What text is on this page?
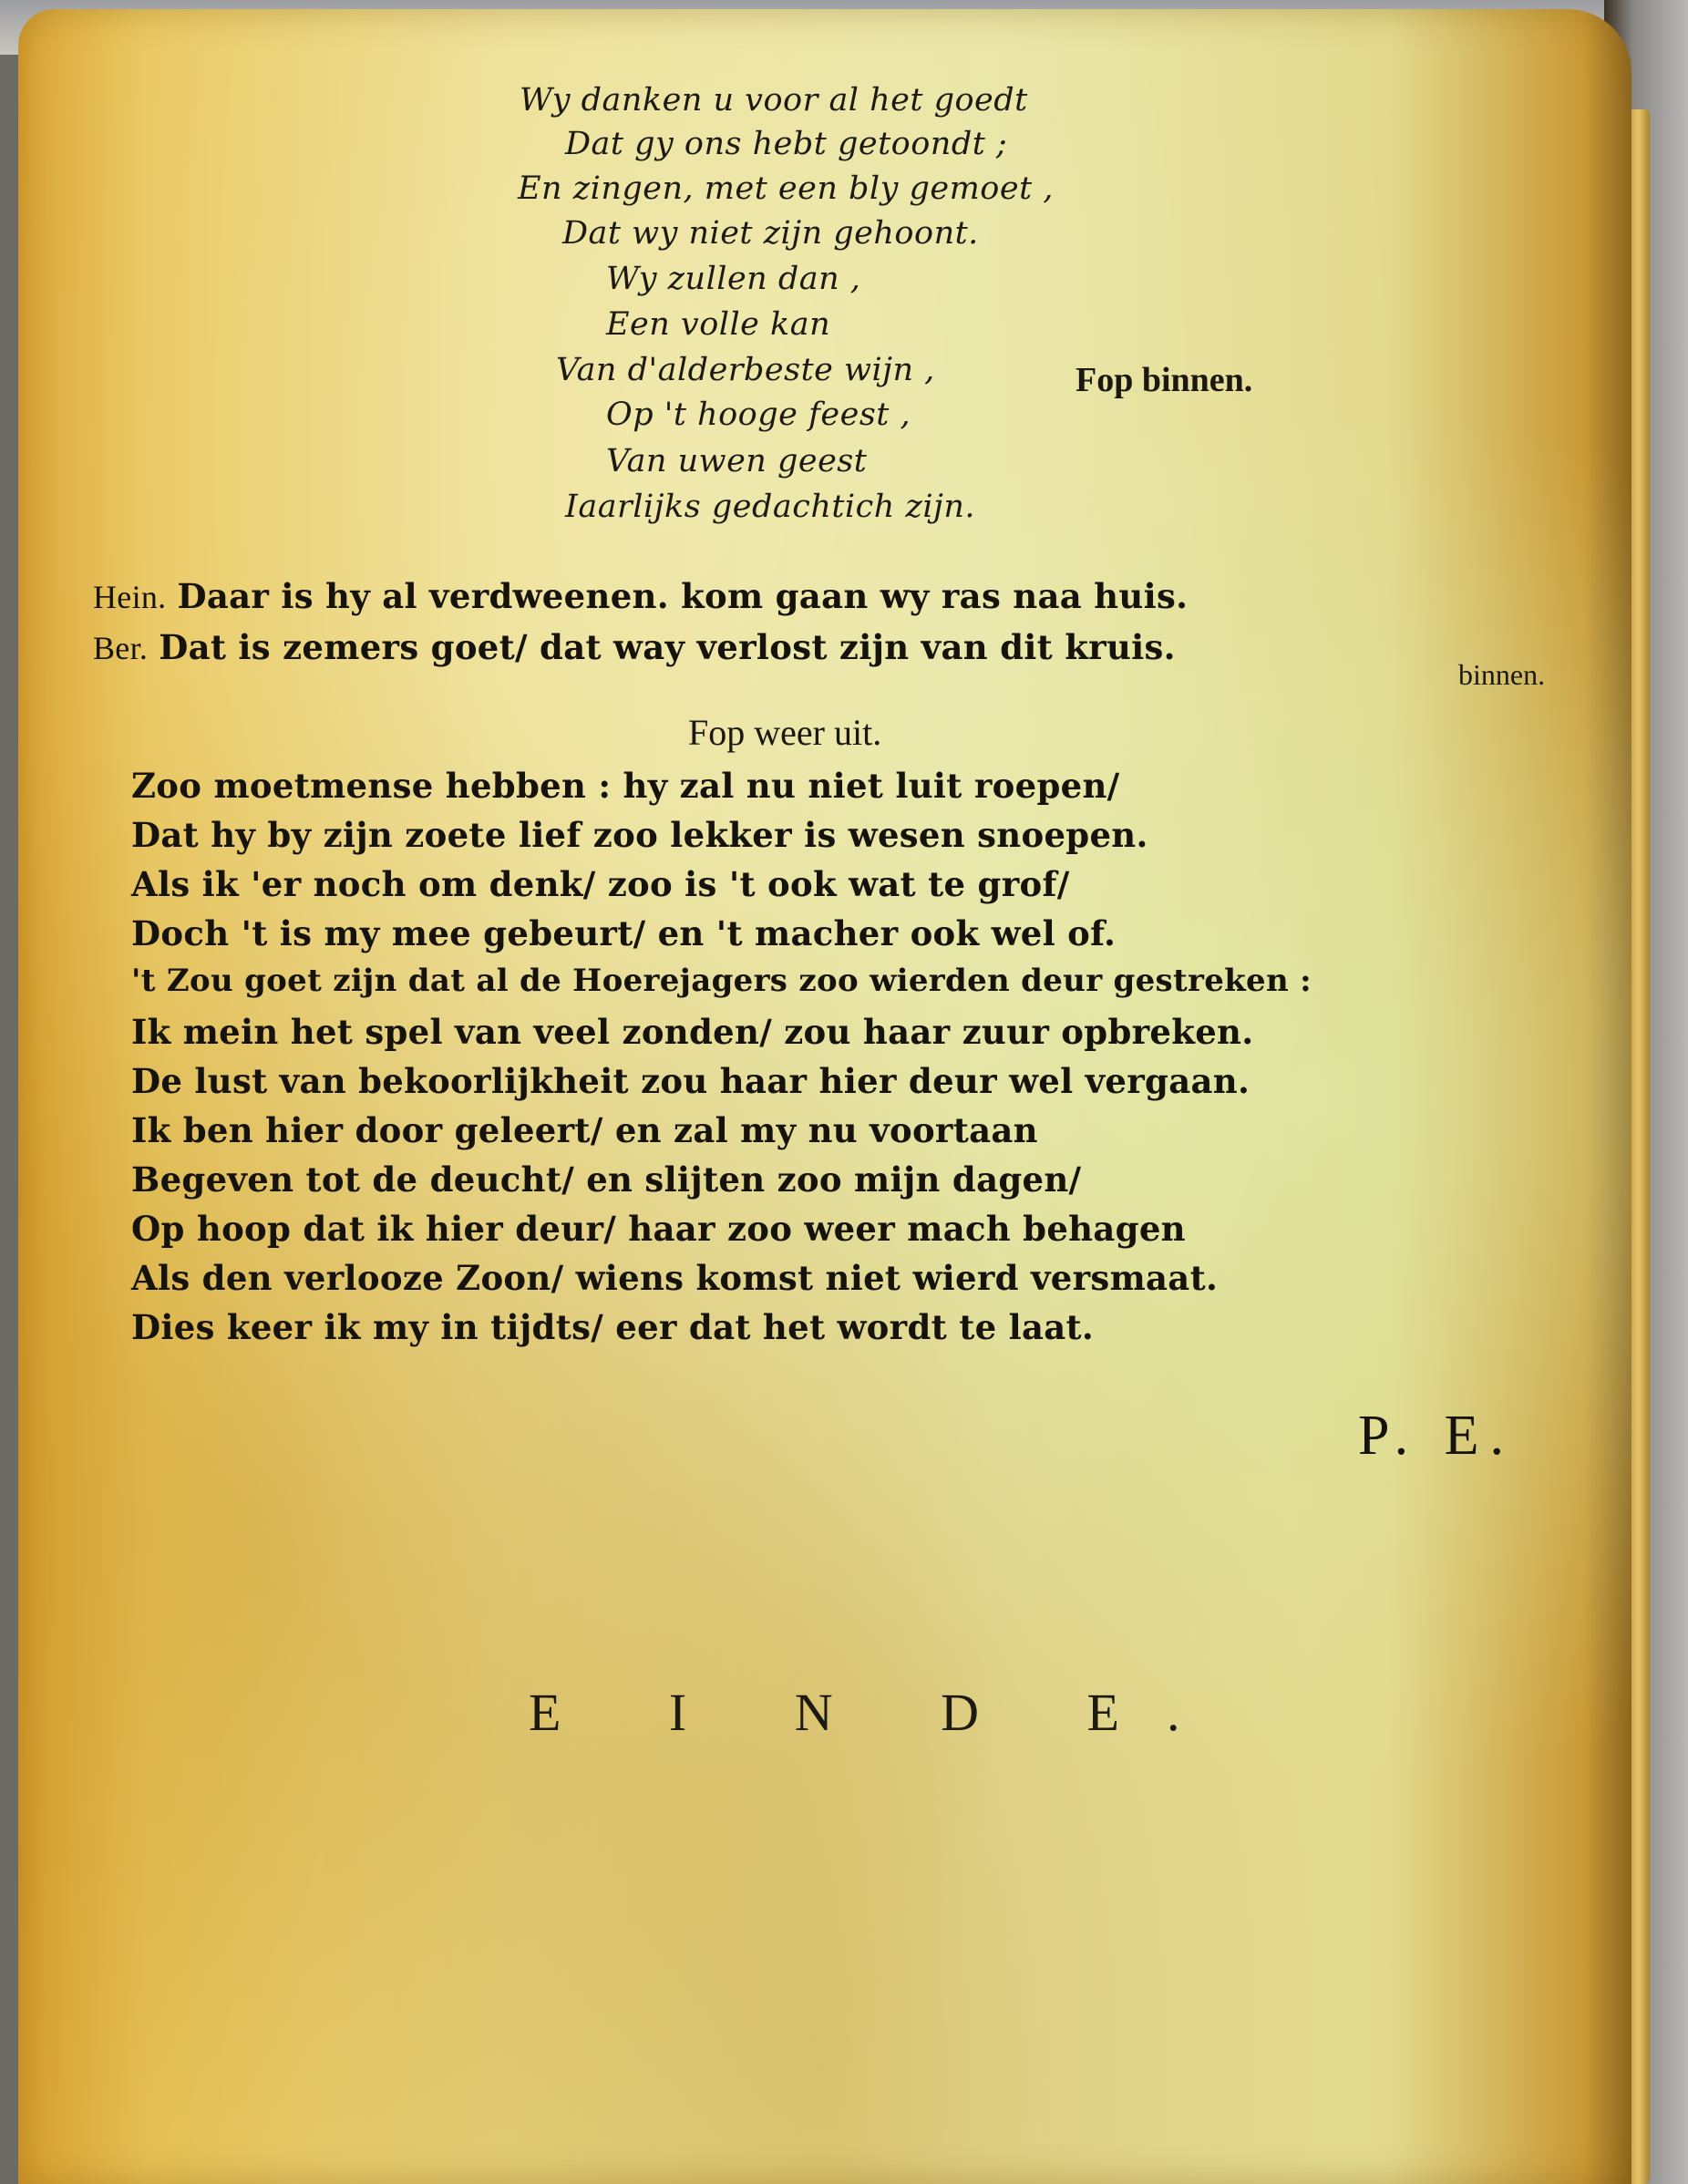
Wy danken u voor al het goedt
Dat gy ons hebt getoondt ;
En zingen, met een bly gemoet ,
Dat wy niet zijn gehoont.
Wy zullen dan ,
Een volle kan
Van d'alderbeste wijn ,
Op 't hooge feest ,
Van uwen geest
Iaarlijks gedachtich zijn.
Fop binnen.
Hein. Daar is hy al verdweenen. kom gaan wy ras naa huis.
Ber. Dat is zemers goet/ dat way verlost zijn van dit kruis.
binnen.
Fop weer uit.
Zoo moetmense hebben : hy zal nu niet luit roepen/
Dat hy by zijn zoete lief zoo lekker is wesen snoepen.
Als ik 'er noch om denk/ zoo is 't ook wat te grof/
Doch 't is my mee gebeurt/ en 't macher ook wel of.
't Zou goet zijn dat al de Hoerejagers zoo wierden deur gestreken :
Ik mein het spel van veel zonden/ zou haar zuur opbreken.
De lust van bekoorlijkheit zou haar hier deur wel vergaan.
Ik ben hier door geleert/ en zal my nu voortaan
Begeven tot de deucht/ en slijten zoo mijn dagen/
Op hoop dat ik hier deur/ haar zoo weer mach behagen
Als den verlooze Zoon/ wiens komst niet wierd versmaat.
Dies keer ik my in tijdts/ eer dat het wordt te laat.
P. E.
E I N D E.
